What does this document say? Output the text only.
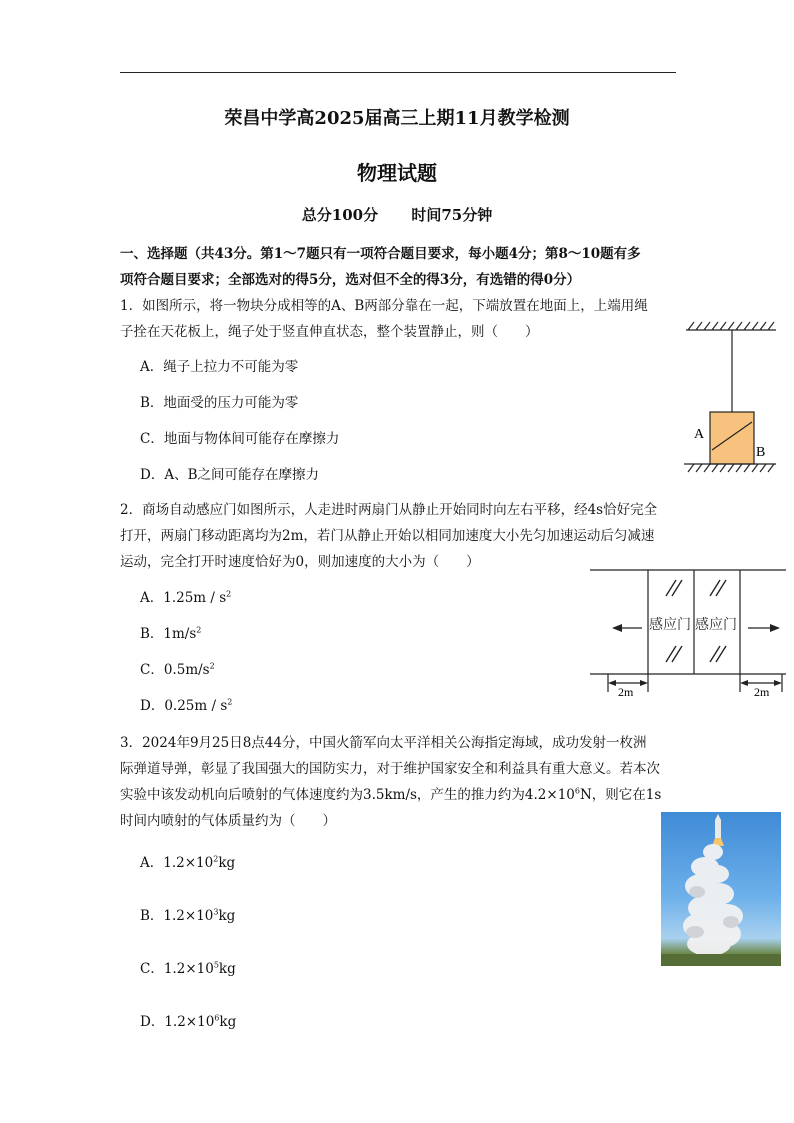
荣昌中学高2025届高三上期11月教学检测
物理试题
总分100分 时间75分钟
一、选择题（共43分。第1～7题只有一项符合题目要求，每小题4分；第8～10题有多
项符合题目要求；全部选对的得5分，选对但不全的得3分，有选错的得0分）
1．如图所示，将一物块分成相等的A、B两部分靠在一起，下端放置在地面上，上端用绳
子拴在天花板上，绳子处于竖直伸直状态，整个装置静止，则（　　）
A．绳子上拉力不可能为零
B．地面受的压力可能为零
C．地面与物体间可能存在摩擦力
D．A、B之间可能存在摩擦力
A
B
2．商场自动感应门如图所示，人走进时两扇门从静止开始同时向左右平移，经4s恰好完全
打开，两扇门移动距离均为2m，若门从静止开始以相同加速度大小先匀加速运动后匀减速
运动，完全打开时速度恰好为0，则加速度的大小为（　　）
A．$1.25m / s^2$
B．$1m/s^2$
C．$0.5m/s^2$
D．$0.25m / s^2$
感应门 感应门
2m	2m
3．2024年9月25日8点44分，中国火箭军向太平洋相关公海指定海域，成功发射一枚洲
际弹道导弹，彰显了我国强大的国防实力，对于维护国家安全和利益具有重大意义。若本次
实验中该发动机向后喷射的气体速度约为3.5km/s，产生的推力约为$4.2\times 10^6N$，则它在1s
时间内喷射的气体质量约为（　　）
A．$1.2\times 10^2kg$
B．$1.2\times 10^3kg$
C．$1.2\times 10^5kg$
D．$1.2\times 10^6kg$
